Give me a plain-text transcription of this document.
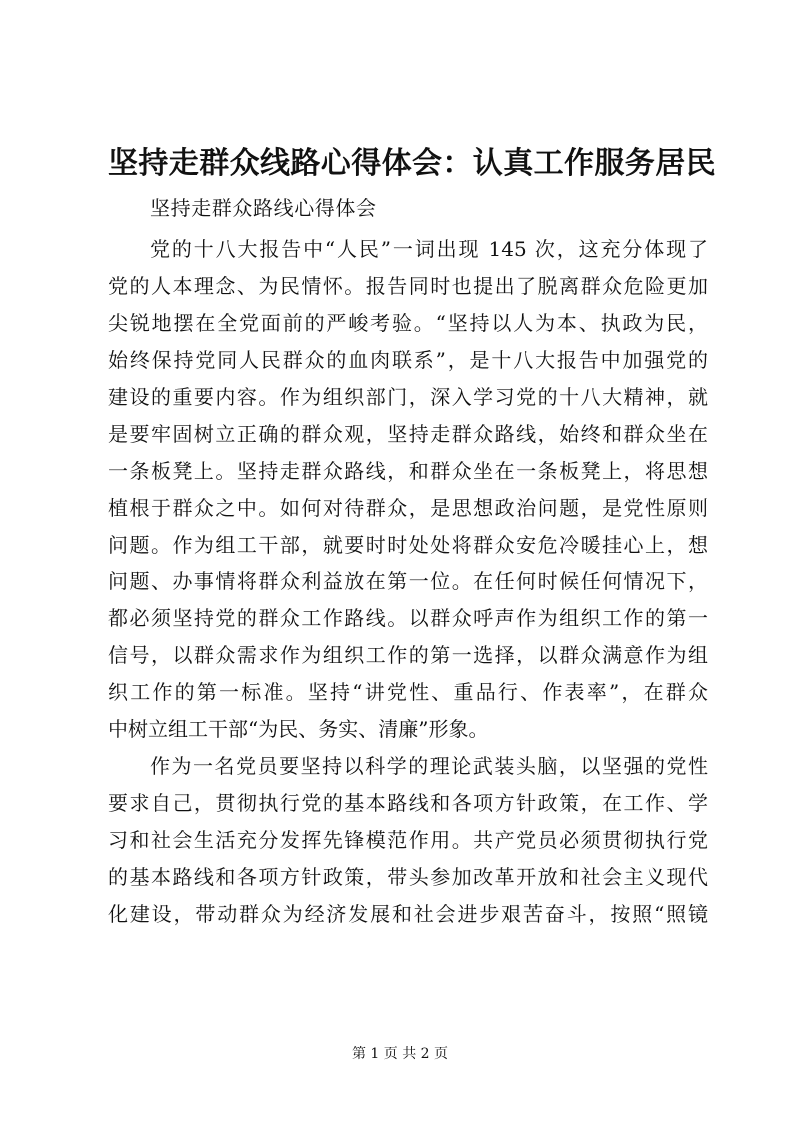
坚持走群众线路心得体会：认真工作服务居民

坚持走群众路线心得体会

党的十八大报告中“人民”一词出现 145 次，这充分体现了
党的人本理念、为民情怀。报告同时也提出了脱离群众危险更加
尖锐地摆在全党面前的严峻考验。“坚持以人为本、执政为民，
始终保持党同人民群众的血肉联系”，是十八大报告中加强党的
建设的重要内容。作为组织部门，深入学习党的十八大精神，就
是要牢固树立正确的群众观，坚持走群众路线，始终和群众坐在
一条板凳上。坚持走群众路线，和群众坐在一条板凳上，将思想
植根于群众之中。如何对待群众，是思想政治问题，是党性原则
问题。作为组工干部，就要时时处处将群众安危冷暖挂心上，想
问题、办事情将群众利益放在第一位。在任何时候任何情况下，
都必须坚持党的群众工作路线。以群众呼声作为组织工作的第一
信号，以群众需求作为组织工作的第一选择，以群众满意作为组
织工作的第一标准。坚持“讲党性、重品行、作表率”，在群众
中树立组工干部“为民、务实、清廉”形象。
作为一名党员要坚持以科学的理论武装头脑，以坚强的党性
要求自己，贯彻执行党的基本路线和各项方针政策，在工作、学
习和社会生活充分发挥先锋模范作用。共产党员必须贯彻执行党
的基本路线和各项方针政策，带头参加改革开放和社会主义现代
化建设，带动群众为经济发展和社会进步艰苦奋斗，按照“照镜
第 1 页 共 2 页
